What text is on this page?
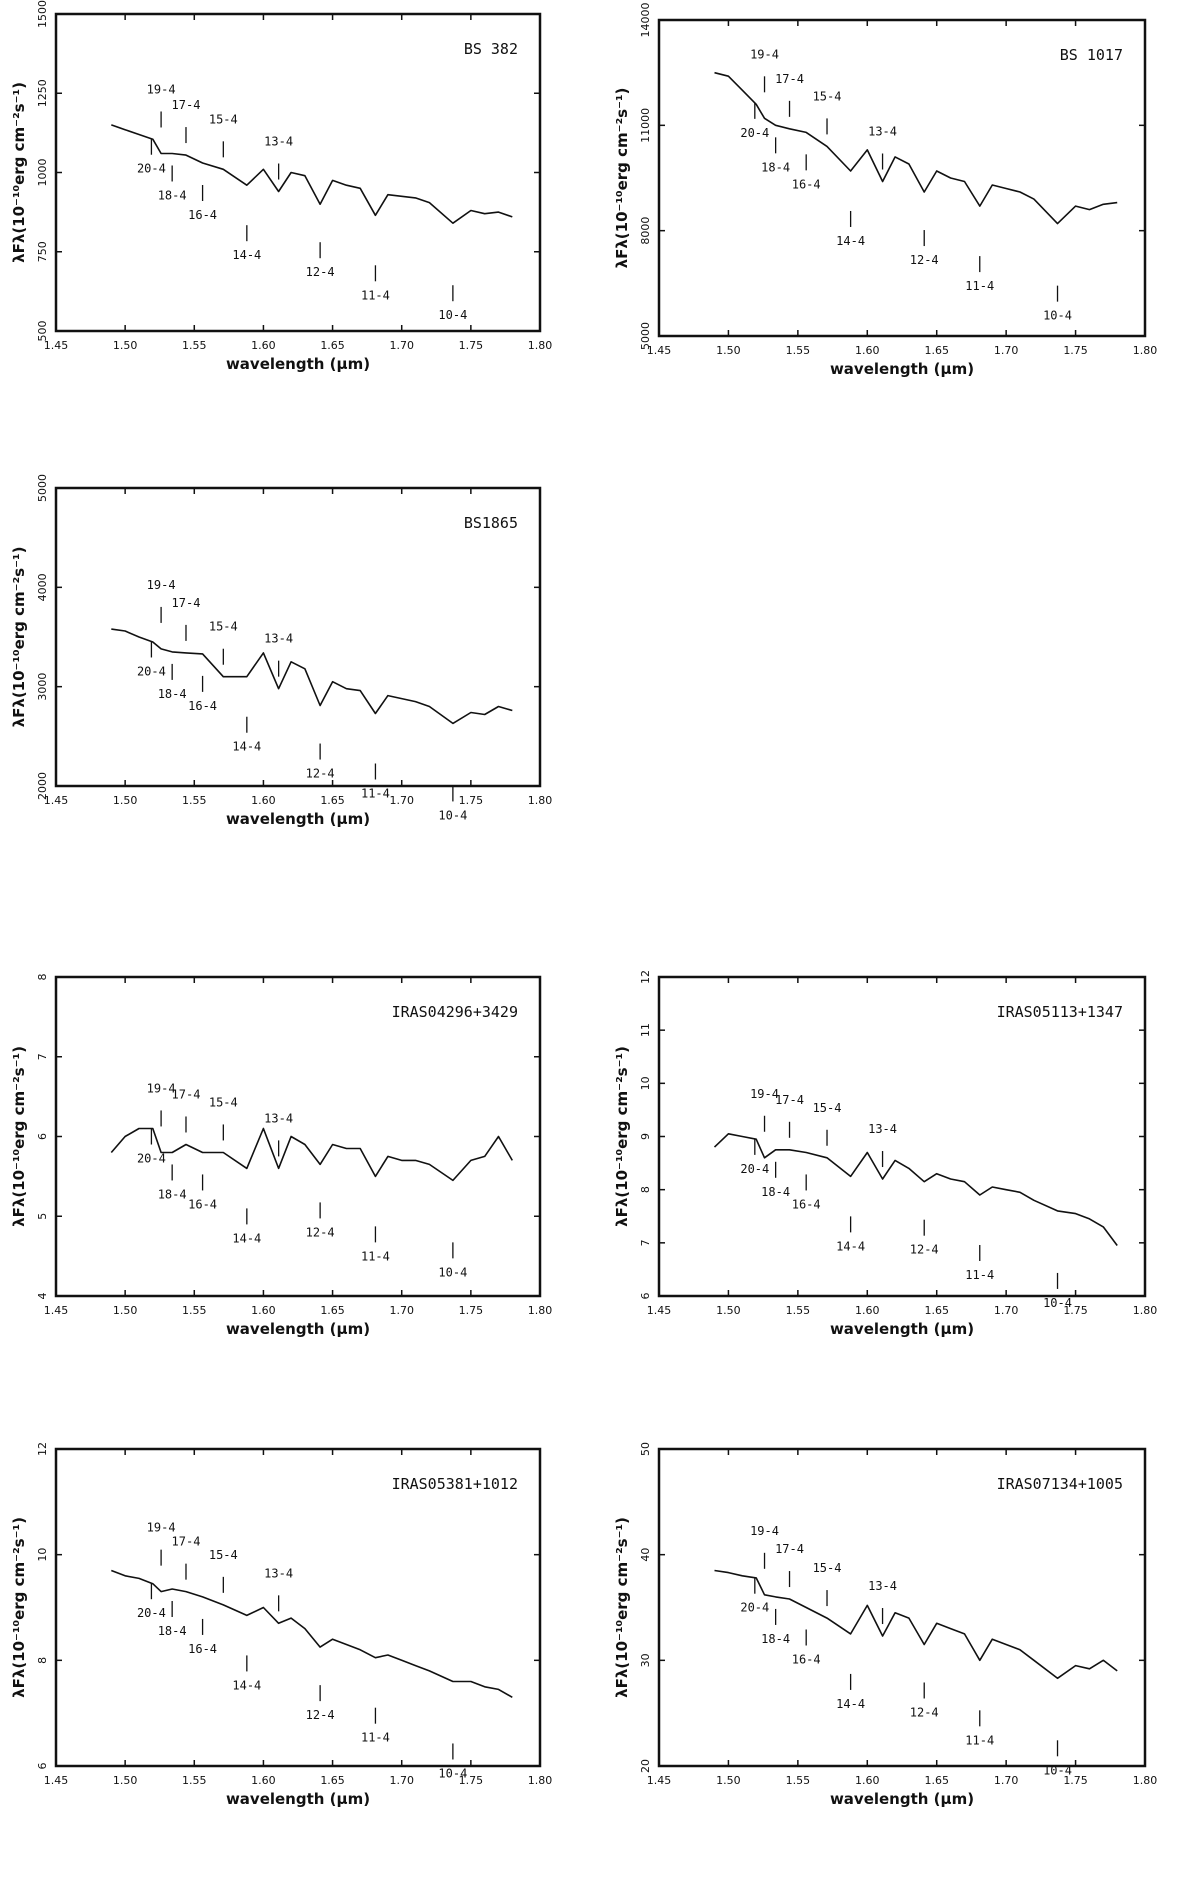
1.45	1.50	1.55	1.60	1.65	1.70	1.75	1.80
500
750
1000
1250
1500
wavelength (µm)
λFλ(10⁻¹⁰erg cm⁻²s⁻¹)
BS 382
20-4
19-4
18-4
17-4
16-4
15-4
14-4
13-4
12-4
11-4
10-4
1.45	1.50	1.55	1.60	1.65	1.70	1.75	1.80
5000
8000
11000
14000
wavelength (µm)
λFλ(10⁻¹⁰erg cm⁻²s⁻¹)
BS 1017
20-4
19-4
18-4
17-4
16-4
15-4
14-4
13-4
12-4
11-4
10-4
1.45	1.50	1.55	1.60	1.65	1.70	1.75	1.80
2000
3000
4000
5000
wavelength (µm)
λFλ(10⁻¹⁰erg cm⁻²s⁻¹)
BS1865
20-4
19-4
18-4
17-4
16-4
15-4
14-4
13-4
12-4
11-4
10-4
1.45	1.50	1.55	1.60	1.65	1.70	1.75	1.80
4
5
6
7
8
wavelength (µm)
λFλ(10⁻¹⁰erg cm⁻²s⁻¹)
IRAS04296+3429
20-4
19-4
18-4
17-4
16-4
15-4
14-4
13-4
12-4
11-4
10-4
1.45	1.50	1.55	1.60	1.65	1.70	1.75	1.80
6
7
8
9
10
11
12
wavelength (µm)
λFλ(10⁻¹⁰erg cm⁻²s⁻¹)
IRAS05113+1347
20-4
19-4
18-4
17-4
16-4
15-4
14-4
13-4
12-4
11-4
10-4
1.45	1.50	1.55	1.60	1.65	1.70	1.75	1.80
6
8
10
12
wavelength (µm)
λFλ(10⁻¹⁰erg cm⁻²s⁻¹)
IRAS05381+1012
20-4
19-4
18-4
17-4
16-4
15-4
14-4
13-4
12-4
11-4
10-4
1.45	1.50	1.55	1.60	1.65	1.70	1.75	1.80
20
30
40
50
wavelength (µm)
λFλ(10⁻¹⁰erg cm⁻²s⁻¹)
IRAS07134+1005
20-4
19-4
18-4
17-4
16-4
15-4
14-4
13-4
12-4
11-4
10-4
